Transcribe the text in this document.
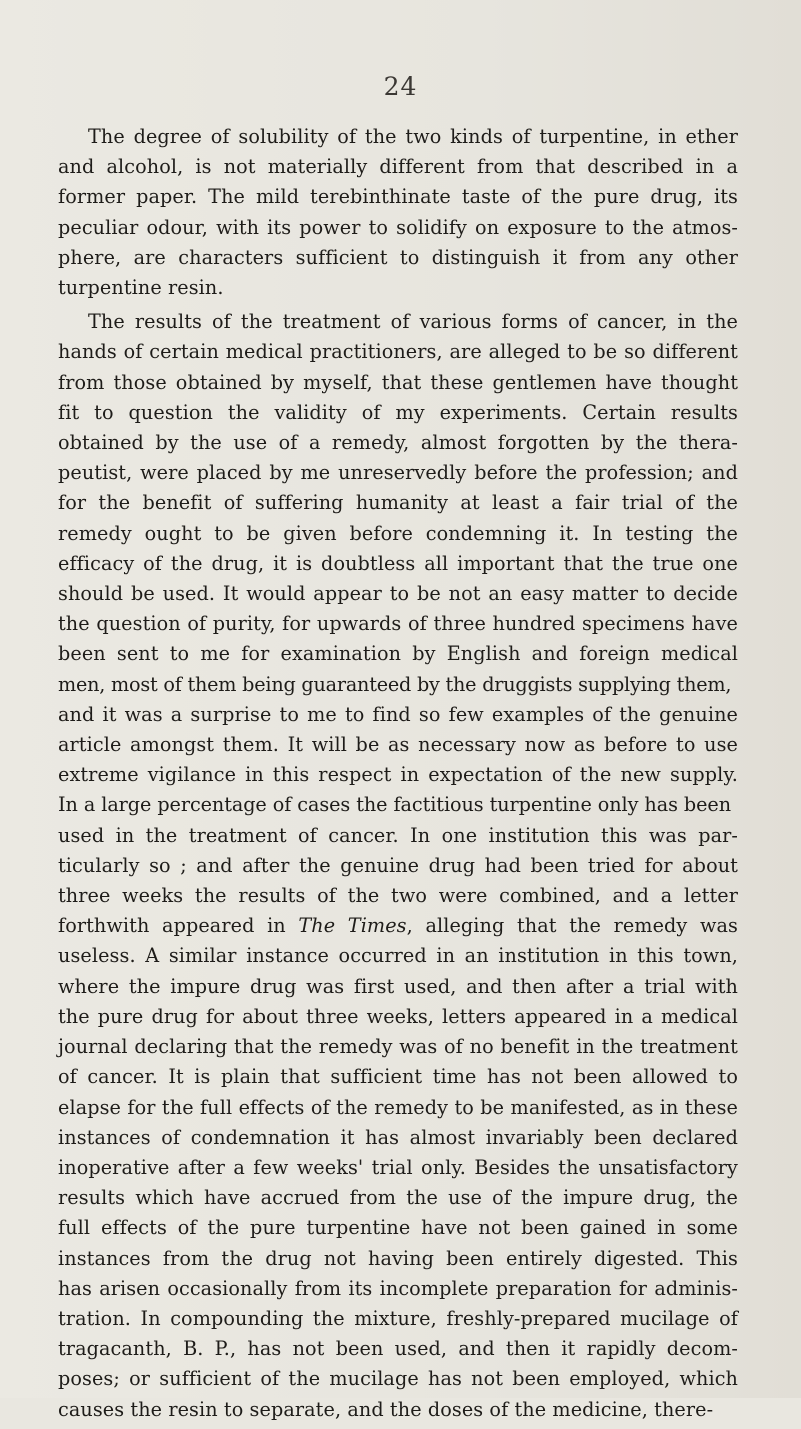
24
The degree of solubility of the two kinds of turpentine, in ether
and alcohol, is not materially different from that described in a
former paper. The mild terebinthinate taste of the pure drug, its
peculiar odour, with its power to solidify on exposure to the atmos-
phere, are characters sufficient to distinguish it from any other
turpentine resin.
The results of the treatment of various forms of cancer, in the
hands of certain medical practitioners, are alleged to be so different
from those obtained by myself, that these gentlemen have thought
fit to question the validity of my experiments. Certain results
obtained by the use of a remedy, almost forgotten by the thera-
peutist, were placed by me unreservedly before the profession; and
for the benefit of suffering humanity at least a fair trial of the
remedy ought to be given before condemning it. In testing the
efficacy of the drug, it is doubtless all important that the true one
should be used. It would appear to be not an easy matter to decide
the question of purity, for upwards of three hundred specimens have
been sent to me for examination by English and foreign medical
men, most of them being guaranteed by the druggists supplying them,
and it was a surprise to me to find so few examples of the genuine
article amongst them. It will be as necessary now as before to use
extreme vigilance in this respect in expectation of the new supply.
In a large percentage of cases the factitious turpentine only has been
used in the treatment of cancer. In one institution this was par-
ticularly so ; and after the genuine drug had been tried for about
three weeks the results of the two were combined, and a letter
forthwith appeared in The Times, alleging that the remedy was
useless. A similar instance occurred in an institution in this town,
where the impure drug was first used, and then after a trial with
the pure drug for about three weeks, letters appeared in a medical
journal declaring that the remedy was of no benefit in the treatment
of cancer. It is plain that sufficient time has not been allowed to
elapse for the full effects of the remedy to be manifested, as in these
instances of condemnation it has almost invariably been declared
inoperative after a few weeks' trial only. Besides the unsatisfactory
results which have accrued from the use of the impure drug, the
full effects of the pure turpentine have not been gained in some
instances from the drug not having been entirely digested. This
has arisen occasionally from its incomplete preparation for adminis-
tration. In compounding the mixture, freshly-prepared mucilage of
tragacanth, B. P., has not been used, and then it rapidly decom-
poses; or sufficient of the mucilage has not been employed, which
causes the resin to separate, and the doses of the medicine, there-
